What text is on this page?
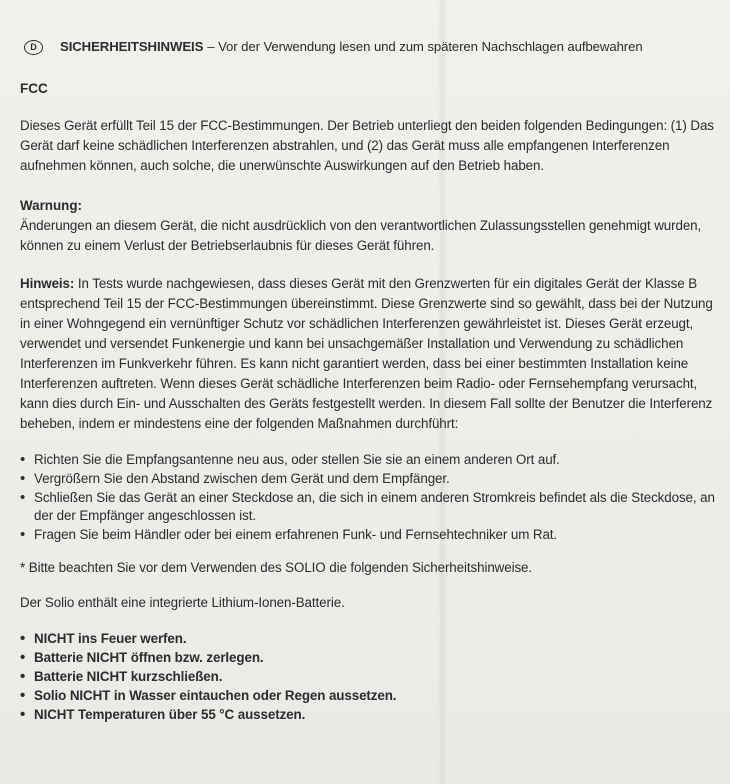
D	SICHERHEITSHINWEIS – Vor der Verwendung lesen und zum späteren Nachschlagen aufbewahren
FCC

Dieses Gerät erfüllt Teil 15 der FCC-Bestimmungen. Der Betrieb unterliegt den beiden folgenden Bedingungen: (1) Das Gerät darf keine schädlichen Interferenzen abstrahlen, und (2) das Gerät muss alle empfangenen Interferenzen aufnehmen können, auch solche, die unerwünschte Auswirkungen auf den Betrieb haben.

Warnung:

Änderungen an diesem Gerät, die nicht ausdrücklich von den verantwortlichen Zulassungsstellen genehmigt wurden, können zu einem Verlust der Betriebserlaubnis für dieses Gerät führen.

Hinweis: In Tests wurde nachgewiesen, dass dieses Gerät mit den Grenzwerten für ein digitales Gerät der Klasse B entsprechend Teil 15 der FCC-Bestimmungen übereinstimmt. Diese Grenzwerte sind so gewählt, dass bei der Nutzung in einer Wohngegend ein vernünftiger Schutz vor schädlichen Interferenzen gewährleistet ist. Dieses Gerät erzeugt, verwendet und versendet Funkenergie und kann bei unsachgemäßer Installation und Verwendung zu schädlichen Interferenzen im Funkverkehr führen. Es kann nicht garantiert werden, dass bei einer bestimmten Installation keine Interferenzen auftreten. Wenn dieses Gerät schädliche Interferenzen beim Radio- oder Fernsehempfang verursacht, kann dies durch Ein- und Ausschalten des Geräts festgestellt werden. In diesem Fall sollte der Benutzer die Interferenz beheben, indem er mindestens eine der folgenden Maßnahmen durchführt:

• Richten Sie die Empfangsantenne neu aus, oder stellen Sie sie an einem anderen Ort auf.
• Vergrößern Sie den Abstand zwischen dem Gerät und dem Empfänger.
• Schließen Sie das Gerät an einer Steckdose an, die sich in einem anderen Stromkreis befindet als die Steckdose, an der der Empfänger angeschlossen ist.
• Fragen Sie beim Händler oder bei einem erfahrenen Funk- und Fernsehtechniker um Rat.

* Bitte beachten Sie vor dem Verwenden des SOLIO die folgenden Sicherheitshinweise.

Der Solio enthält eine integrierte Lithium-Ionen-Batterie.

• NICHT ins Feuer werfen.
• Batterie NICHT öffnen bzw. zerlegen.
• Batterie NICHT kurzschließen.
• Solio NICHT in Wasser eintauchen oder Regen aussetzen.
• NICHT Temperaturen über 55 °C aussetzen.
